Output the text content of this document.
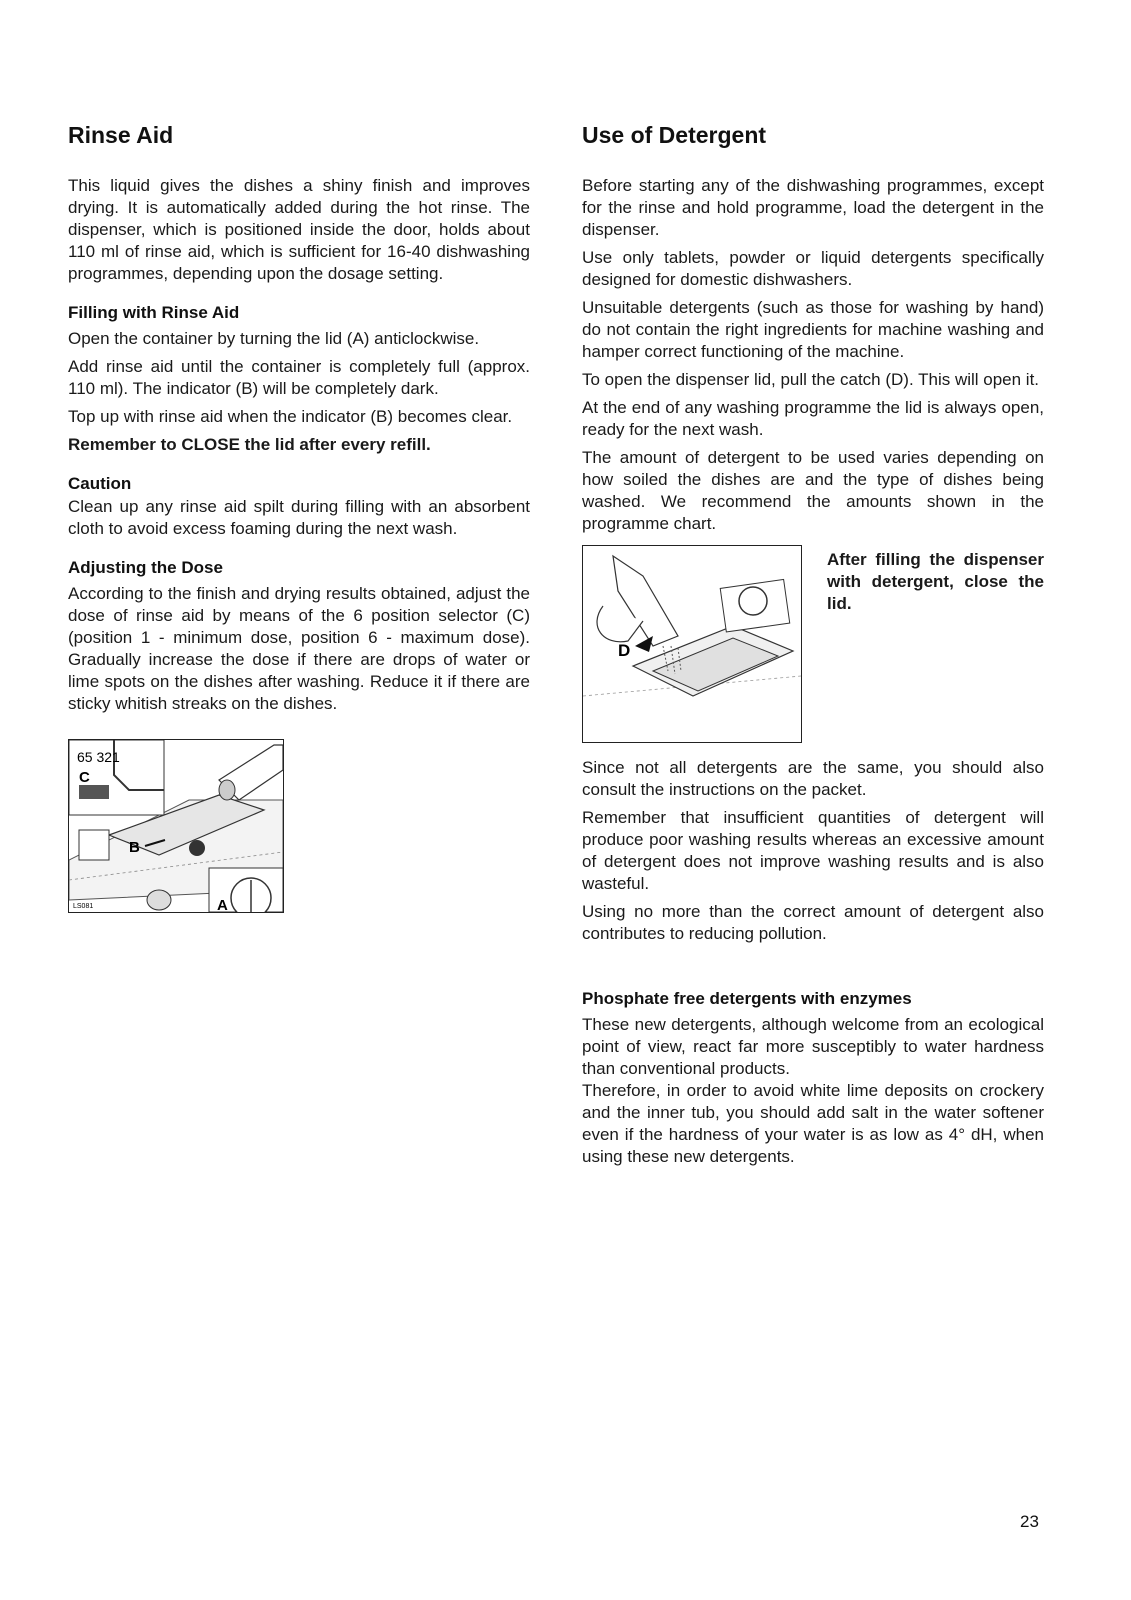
Rinse Aid

This liquid gives the dishes a shiny finish and improves drying. It is automatically added during the hot rinse. The dispenser, which is positioned inside the door, holds about 110 ml of rinse aid, which is sufficient for 16-40 dishwashing programmes, depending upon the dosage setting.

Filling with Rinse Aid

Open the container by turning the lid (A) anticlockwise.

Add rinse aid until the container is completely full (approx. 110 ml). The indicator (B) will be completely dark.

Top up with rinse aid when the indicator (B) becomes clear.

Remember to CLOSE the lid after every refill.

Caution

Clean up any rinse aid spilt during filling with an absorbent cloth to avoid excess foaming during the next wash.

Adjusting the Dose

According to the finish and drying results obtained, adjust the dose of rinse aid by means of the 6 position selector (C) (position 1 - minimum dose, position 6 - maximum dose). Gradually increase the dose if there are drops of water or lime spots on the dishes after washing. Reduce it if there are sticky whitish streaks on the dishes.

65 321
C
B
A
LS081
Use of Detergent

Before starting any of the dishwashing programmes, except for the rinse and hold programme, load the detergent in the dispenser.

Use only tablets, powder or liquid detergents specifically designed for domestic dishwashers.

Unsuitable detergents (such as those for washing by hand) do not contain the right ingredients for machine washing and hamper correct functioning of the machine.

To open the dispenser lid, pull the catch (D). This will open it.

At the end of any washing programme the lid is always open, ready for the next wash.

The amount of detergent to be used varies depending on how soiled the dishes are and the type of dishes being washed. We recommend the amounts shown in the programme chart.

D
After filling the dispenser with detergent, close the lid.

Since not all detergents are the same, you should also consult the instructions on the packet.

Remember that insufficient quantities of detergent will produce poor washing results whereas an excessive amount of detergent does not improve washing results and is also wasteful.

Using no more than the correct amount of detergent also contributes to reducing pollution.

Phosphate free detergents with enzymes

These new detergents, although welcome from an ecological point of view, react far more susceptibly to water hardness than conventional products.

Therefore, in order to avoid white lime deposits on crockery and the inner tub, you should add salt in the water softener even if the hardness of your water is as low as 4° dH, when using these new detergents.

23
